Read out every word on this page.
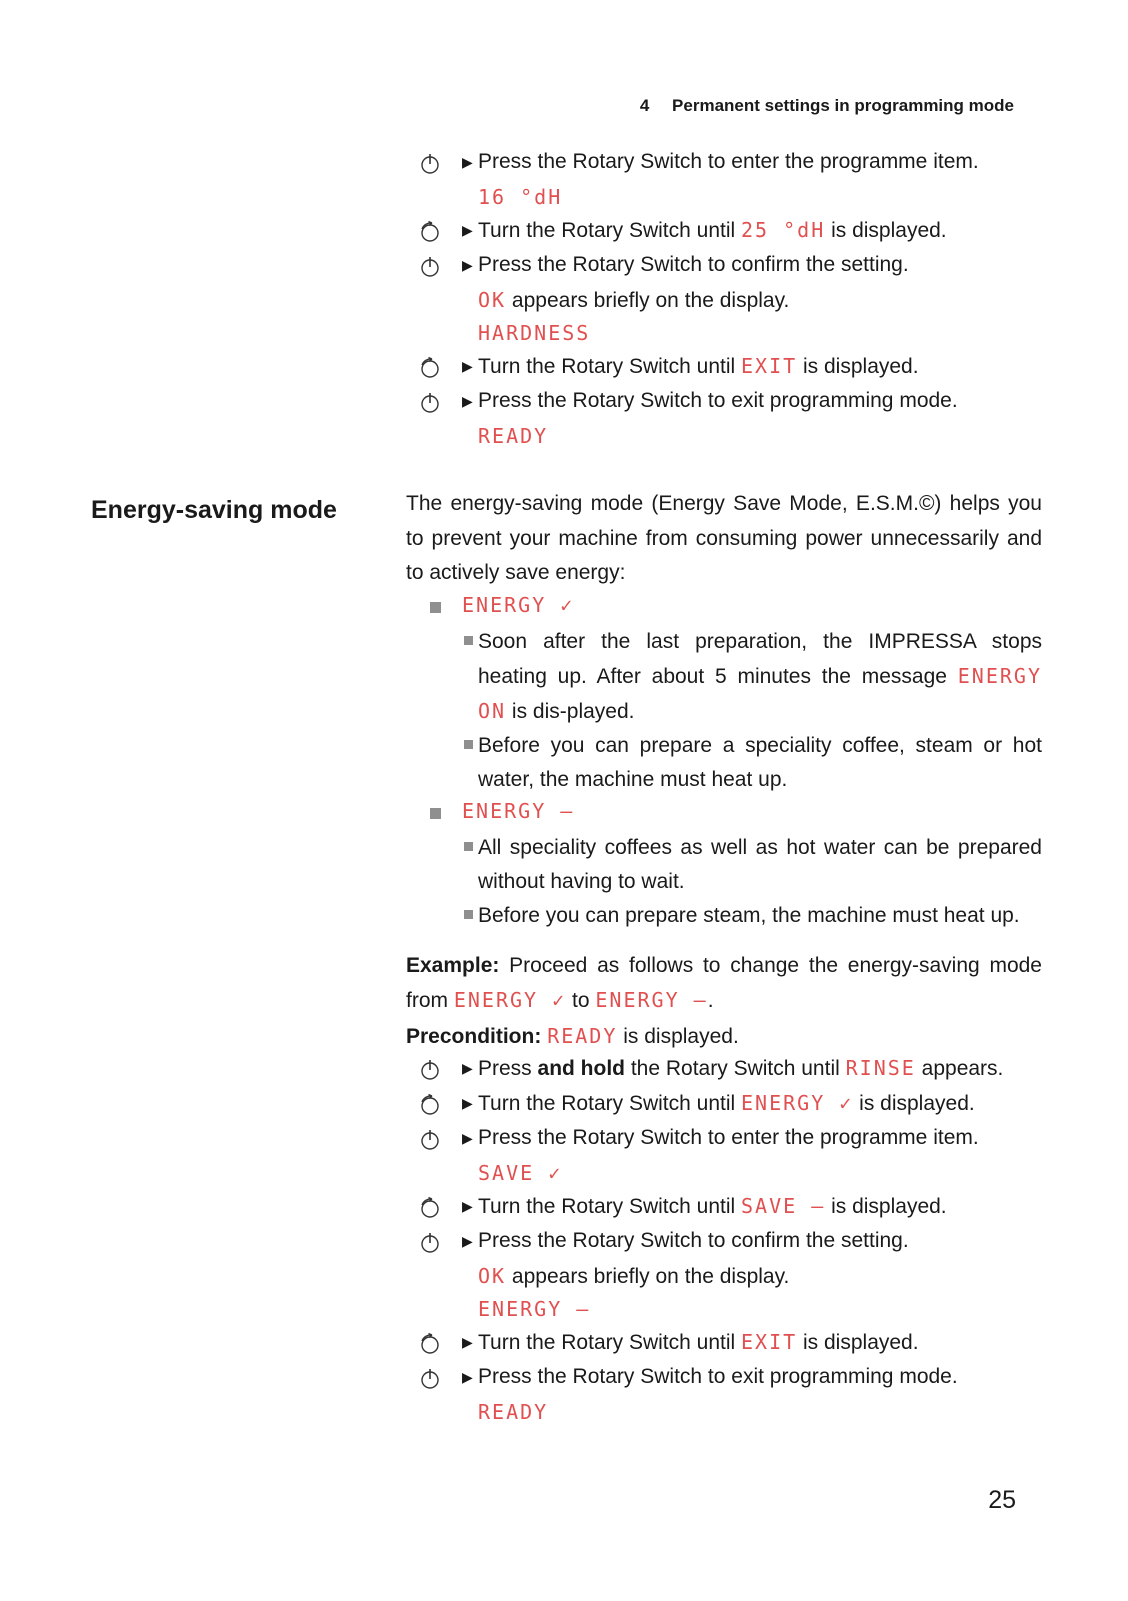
4 Permanent settings in programming mode
▶ Press the Rotary Switch to enter the programme item.
16 °dH
▶ Turn the Rotary Switch until 25 °dH is displayed.
▶ Press the Rotary Switch to confirm the setting.
OK appears briefly on the display.
HARDNESS
▶ Turn the Rotary Switch until EXIT is displayed.
▶ Press the Rotary Switch to exit programming mode.
READY
Energy-saving mode	The energy-saving mode (Energy Save Mode, E.S.M.©) helps you to prevent your machine from consuming power unnecessarily and to actively save energy:

ENERGY ✓
Soon after the last preparation, the IMPRESSA stops heating up. After about 5 minutes the message ENERGY ON is dis-played.
Before you can prepare a speciality coffee, steam or hot water, the machine must heat up.
ENERGY –
All speciality coffees as well as hot water can be prepared without having to wait.
Before you can prepare steam, the machine must heat up.

Example: Proceed as follows to change the energy-saving mode from ENERGY ✓ to ENERGY –.

Precondition: READY is displayed.

▶ Press and hold the Rotary Switch until RINSE appears.
▶ Turn the Rotary Switch until ENERGY ✓ is displayed.
▶ Press the Rotary Switch to enter the programme item.
SAVE ✓
▶ Turn the Rotary Switch until SAVE – is displayed.
▶ Press the Rotary Switch to confirm the setting.
OK appears briefly on the display.
ENERGY –
▶ Turn the Rotary Switch until EXIT is displayed.
▶ Press the Rotary Switch to exit programming mode.
READY
25
